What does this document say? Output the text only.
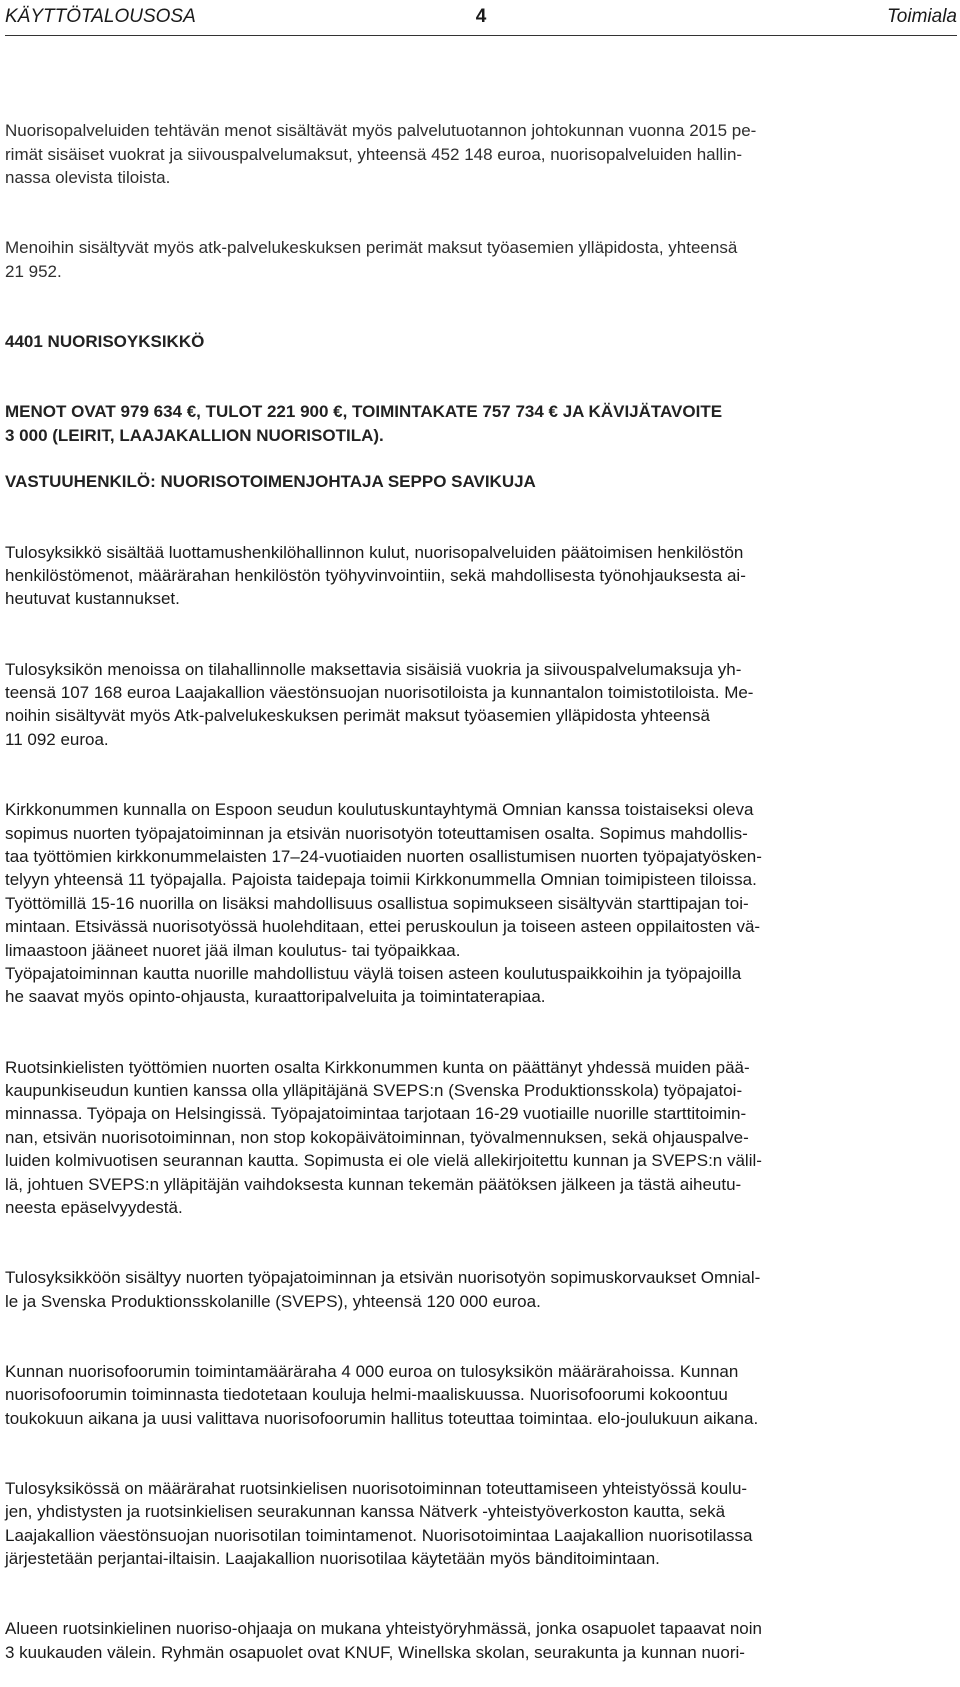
KÄYTTÖTALOUSOSA	4	Toimiala

Nuorisopalveluiden tehtävän menot sisältävät myös palvelutuotannon johtokunnan vuonna 2015 pe-
rimät sisäiset vuokrat ja siivouspalvelumaksut, yhteensä 452 148 euroa, nuorisopalveluiden hallin-
nassa olevista tiloista.

Menoihin sisältyvät myös atk-palvelukeskuksen perimät maksut työasemien ylläpidosta, yhteensä
21 952.

4401 NUORISOYKSIKKÖ

MENOT OVAT 979 634 €, TULOT 221 900 €, TOIMINTAKATE 757 734 € JA KÄVIJÄTAVOITE
3 000 (LEIRIT, LAAJAKALLION NUORISOTILA).

VASTUUHENKILÖ: NUORISOTOIMENJOHTAJA SEPPO SAVIKUJA

Tulosyksikkö sisältää luottamushenkilöhallinnon kulut, nuorisopalveluiden päätoimisen henkilöstön
henkilöstömenot, määrärahan henkilöstön työhyvinvointiin, sekä mahdollisesta työnohjauksesta ai-
heutuvat kustannukset.

Tulosyksikön menoissa on tilahallinnolle maksettavia sisäisiä vuokria ja siivouspalvelumaksuja yh-
teensä 107 168 euroa Laajakallion väestönsuojan nuorisotiloista ja kunnantalon toimistotiloista. Me-
noihin sisältyvät myös Atk-palvelukeskuksen perimät maksut työasemien ylläpidosta yhteensä
11 092 euroa.

Kirkkonummen kunnalla on Espoon seudun koulutuskuntayhtymä Omnian kanssa toistaiseksi oleva
sopimus nuorten työpajatoiminnan ja etsivän nuorisotyön toteuttamisen osalta. Sopimus mahdollis-
taa työttömien kirkkonummelaisten 17–24-vuotiaiden nuorten osallistumisen nuorten työpajatyösken-
telyyn yhteensä 11 työpajalla. Pajoista taidepaja toimii Kirkkonummella Omnian toimipisteen tiloissa.
Työttömillä 15-16 nuorilla on lisäksi mahdollisuus osallistua sopimukseen sisältyvän starttipajan toi-
mintaan. Etsivässä nuorisotyössä huolehditaan, ettei peruskoulun ja toiseen asteen oppilaitosten vä-
limaastoon jääneet nuoret jää ilman koulutus- tai työpaikkaa.
Työpajatoiminnan kautta nuorille mahdollistuu väylä toisen asteen koulutuspaikkoihin ja työpajoilla
he saavat myös opinto-ohjausta, kuraattoripalveluita ja toimintaterapiaa.

Ruotsinkielisten työttömien nuorten osalta Kirkkonummen kunta on päättänyt yhdessä muiden pää-
kaupunkiseudun kuntien kanssa olla ylläpitäjänä SVEPS:n (Svenska Produktionsskola) työpajatoi-
minnassa. Työpaja on Helsingissä. Työpajatoimintaa tarjotaan 16-29 vuotiaille nuorille starttitoimin-
nan, etsivän nuorisotoiminnan, non stop kokopäivätoiminnan, työvalmennuksen, sekä ohjauspalve-
luiden kolmivuotisen seurannan kautta. Sopimusta ei ole vielä allekirjoitettu kunnan ja SVEPS:n välil-
lä, johtuen SVEPS:n ylläpitäjän vaihdoksesta kunnan tekemän päätöksen jälkeen ja tästä aiheutu-
neesta epäselvyydestä.

Tulosyksikköön sisältyy nuorten työpajatoiminnan ja etsivän nuorisotyön sopimuskorvaukset Omnial-
le ja Svenska Produktionsskolanille (SVEPS), yhteensä 120 000 euroa.

Kunnan nuorisofoorumin toimintamääräraha 4 000 euroa on tulosyksikön määrärahoissa. Kunnan
nuorisofoorumin toiminnasta tiedotetaan kouluja helmi-maaliskuussa. Nuorisofoorumi kokoontuu
toukokuun aikana ja uusi valittava nuorisofoorumin hallitus toteuttaa toimintaa. elo-joulukuun aikana.

Tulosyksikössä on määrärahat ruotsinkielisen nuorisotoiminnan toteuttamiseen yhteistyössä koulu-
jen, yhdistysten ja ruotsinkielisen seurakunnan kanssa Nätverk -yhteistyöverkoston kautta, sekä
Laajakallion väestönsuojan nuorisotilan toimintamenot. Nuorisotoimintaa Laajakallion nuorisotilassa
järjestetään perjantai-iltaisin. Laajakallion nuorisotilaa käytetään myös bänditoimintaan.

Alueen ruotsinkielinen nuoriso-ohjaaja on mukana yhteistyöryhmässä, jonka osapuolet tapaavat noin
3 kuukauden välein. Ryhmän osapuolet ovat KNUF, Winellska skolan, seurakunta ja kunnan nuori-
